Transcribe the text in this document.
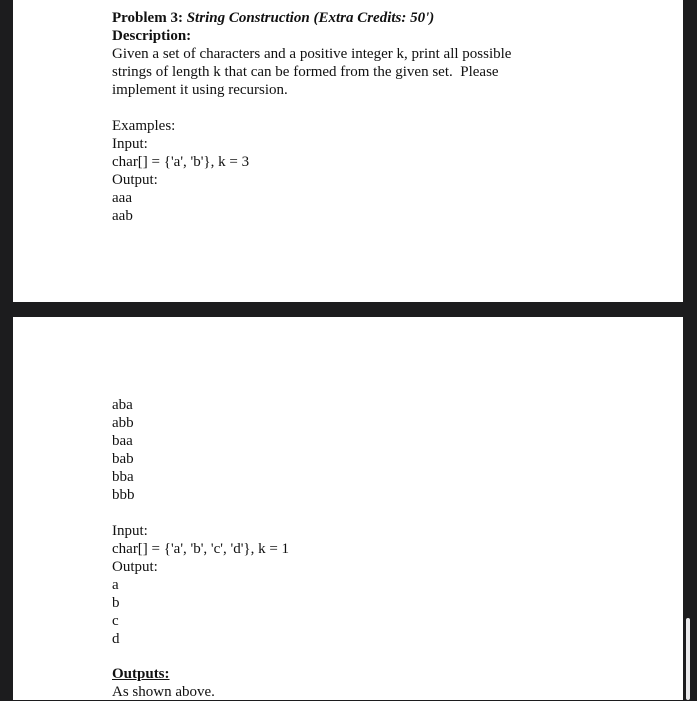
Problem 3: String Construction (Extra Credits: 50')
Description:
Given a set of characters and a positive integer k, print all possible
strings of length k that can be formed from the given set.  Please
implement it using recursion.
Examples:
Input:
char[] = {'a', 'b'}, k = 3
Output:
aaa
aab
aba
abb
baa
bab
bba
bbb
Input:
char[] = {'a', 'b', 'c', 'd'}, k = 1
Output:
a
b
c
d
Outputs:
As shown above.
